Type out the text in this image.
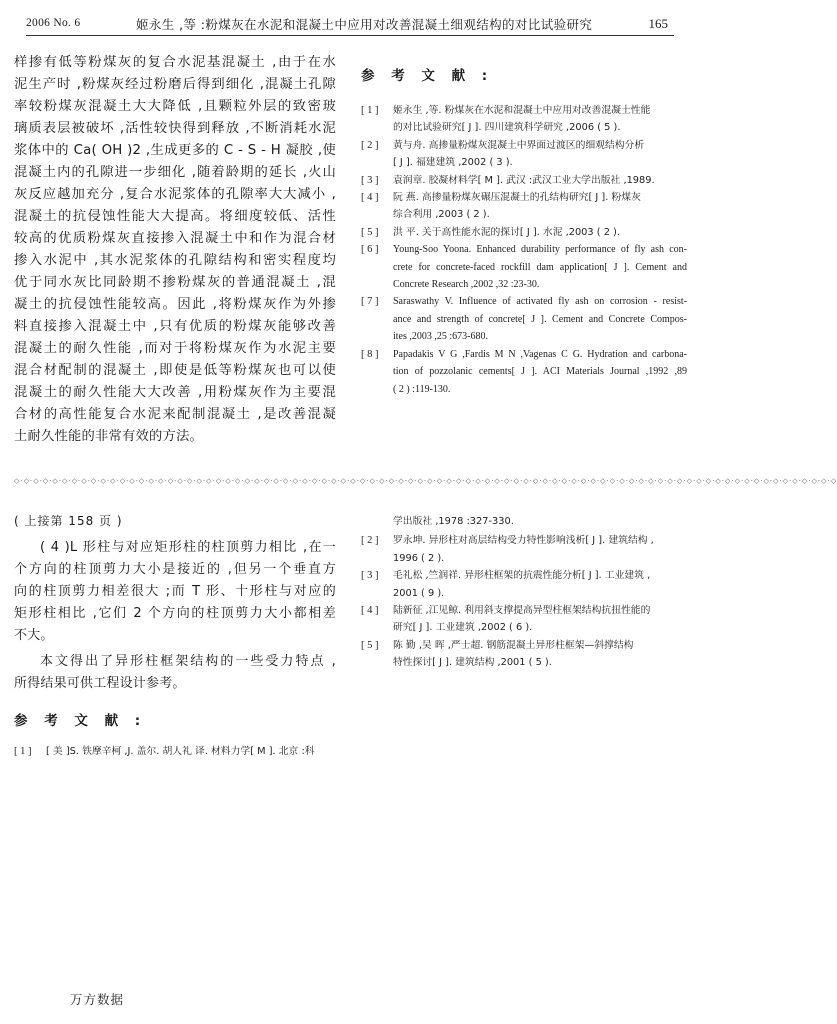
2006 No. 6	姬永生 ,等 :粉煤灰在水泥和混凝土中应用对改善混凝土细观结构的对比试验研究	165
样掺有低等粉煤灰的复合水泥基混凝土 ,由于在水
泥生产时 ,粉煤灰经过粉磨后得到细化 ,混凝土孔隙
率较粉煤灰混凝土大大降低 ,且颗粒外层的致密玻
璃质表层被破坏 ,活性较快得到释放 ,不断消耗水泥
浆体中的 Ca( OH )2 ,生成更多的 C - S - H 凝胶 ,使
混凝土内的孔隙进一步细化 ,随着龄期的延长 ,火山
灰反应越加充分 ,复合水泥浆体的孔隙率大大减小 ,
混凝土的抗侵蚀性能大大提高。将细度较低、活性
较高的优质粉煤灰直接掺入混凝土中和作为混合材
掺入水泥中 ,其水泥浆体的孔隙结构和密实程度均
优于同水灰比同龄期不掺粉煤灰的普通混凝土 ,混
凝土的抗侵蚀性能较高。因此 ,将粉煤灰作为外掺
料直接掺入混凝土中 ,只有优质的粉煤灰能够改善
混凝土的耐久性能 ,而对于将粉煤灰作为水泥主要
混合材配制的混凝土 ,即使是低等粉煤灰也可以使
混凝土的耐久性能大大改善 ,用粉煤灰作为主要混
合材的高性能复合水泥来配制混凝土 ,是改善混凝
土耐久性能的非常有效的方法。
参 考 文 献 :
[ 1 ]	姬永生 ,等. 粉煤灰在水泥和混凝土中应用对改善混凝土性能
的对比试验研究[ J ]. 四川建筑科学研究 ,2006 ( 5 ).
[ 2 ]	黄与舟. 高掺量粉煤灰混凝土中界面过渡区的细观结构分析
[ J ]. 福建建筑 ,2002 ( 3 ).
[ 3 ]	袁润章. 胶凝材料学[ M ]. 武汉 :武汉工业大学出版社 ,1989.
[ 4 ]	阮 燕. 高掺量粉煤灰碾压混凝土的孔结构研究[ J ]. 粉煤灰
综合利用 ,2003 ( 2 ).
[ 5 ]	洪 平. 关于高性能水泥的探讨[ J ]. 水泥 ,2003 ( 2 ).
[ 6 ]	Young-Soo Yoona. Enhanced durability performance of fly ash con-
crete for concrete-faced rockfill dam application[ J ]. Cement and
Concrete Research ,2002 ,32 :23-30.
[ 7 ]	Saraswathy V. Influence of activated fly ash on corrosion - resist-
ance and strength of concrete[ J ]. Cement and Concrete Compos-
ites ,2003 ,25 :673-680.
[ 8 ]	Papadakis V G ,Fardis M N ,Vagenas C G. Hydration and carbona-
tion of pozzolanic cements[ J ]. ACI Materials Journal ,1992 ,89
( 2 ) :119-130.
◇·◇·◇·◇·◇·◇·◇·◇·◇·◇·◇·◇·◇·◇·◇·◇·◇·◇·◇·◇·◇·◇·◇·◇·◇·◇·◇·◇·◇·◇·◇·◇·◇·◇·◇·◇·◇·◇·◇·◇·◇·◇·◇·◇·◇·◇·◇·◇·◇·◇·◇·◇·◇·◇·◇·◇·◇·◇·◇·◇·◇·◇·◇·◇·◇·◇·◇·◇·◇·◇·◇·◇·◇·◇·◇·◇·◇·◇·◇·◇·◇·◇·◇·◇·◇·◇
( 上接第 158 页 )
( 4 )L 形柱与对应矩形柱的柱顶剪力相比 ,在一
个方向的柱顶剪力大小是接近的 ,但另一个垂直方
向的柱顶剪力相差很大 ;而 T 形、十形柱与对应的
矩形柱相比 ,它们 2 个方向的柱顶剪力大小都相差
不大。
本文得出了异形柱框架结构的一些受力特点 ,
所得结果可供工程设计参考。
参 考 文 献 :
[ 1 ]	[ 美 ]S. 铁摩辛柯 ,J. 盖尔. 胡人礼 译. 材料力学[ M ]. 北京 :科
学出版社 ,1978 :327-330.
[ 2 ]	罗永坤. 异形柱对高层结构受力特性影响浅析[ J ]. 建筑结构 ,
1996 ( 2 ).
[ 3 ]	毛礼松 ,竺润祥. 异形柱框架的抗震性能分析[ J ]. 工业建筑 ,
2001 ( 9 ).
[ 4 ]	陆新征 ,江见鲸. 利用斜支撑提高异型柱框架结构抗扭性能的
研究[ J ]. 工业建筑 ,2002 ( 6 ).
[ 5 ]	陈 勤 ,吴 晖 ,严士超. 钢筋混凝土异形柱框架—斜撑结构
特性探讨[ J ]. 建筑结构 ,2001 ( 5 ).
万方数据
